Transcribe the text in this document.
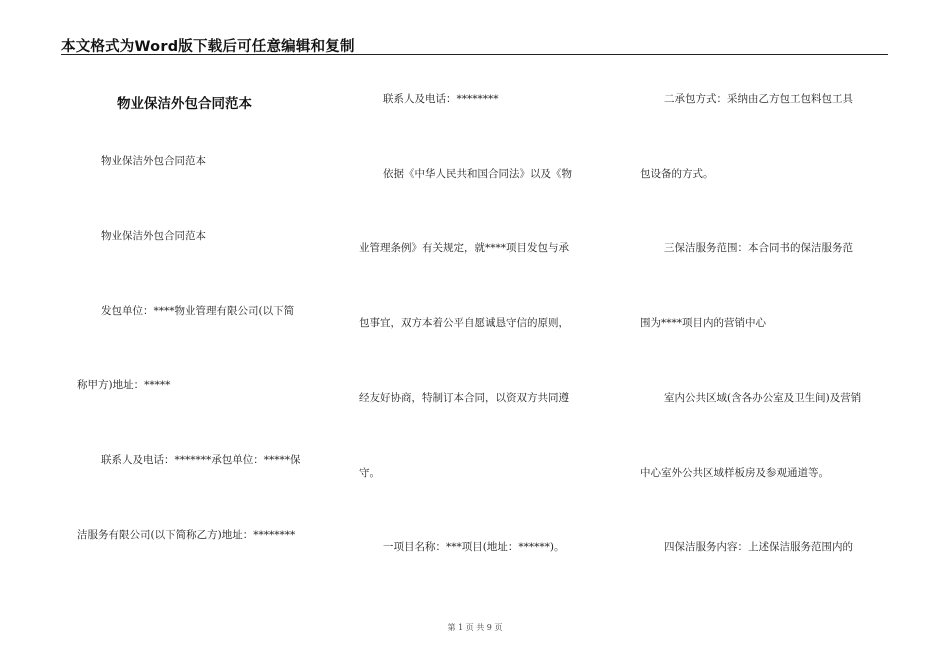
本文格式为Word版下载后可任意编辑和复制
物业保洁外包合同范本
物业保洁外包合同范本
物业保洁外包合同范本
发包单位：****物业管理有限公司(以下简
称甲方)地址：*****
联系人及电话：*******承包单位：*****保
洁服务有限公司(以下简称乙方)地址：********
联系人及电话：********
依据《中华人民共和国合同法》以及《物
业管理条例》有关规定，就****项目发包与承
包事宜，双方本着公平自愿诚恳守信的原则，
经友好协商，特制订本合同，以资双方共同遵
守。
一项目名称：***项目(地址：******)。
二承包方式：采纳由乙方包工包料包工具
包设备的方式。
三保洁服务范围：本合同书的保洁服务范
围为****项目内的营销中心
室内公共区域(含各办公室及卫生间)及营销
中心室外公共区域样板房及参观通道等。
四保洁服务内容：上述保洁服务范围内的
第 1 页 共 9 页
